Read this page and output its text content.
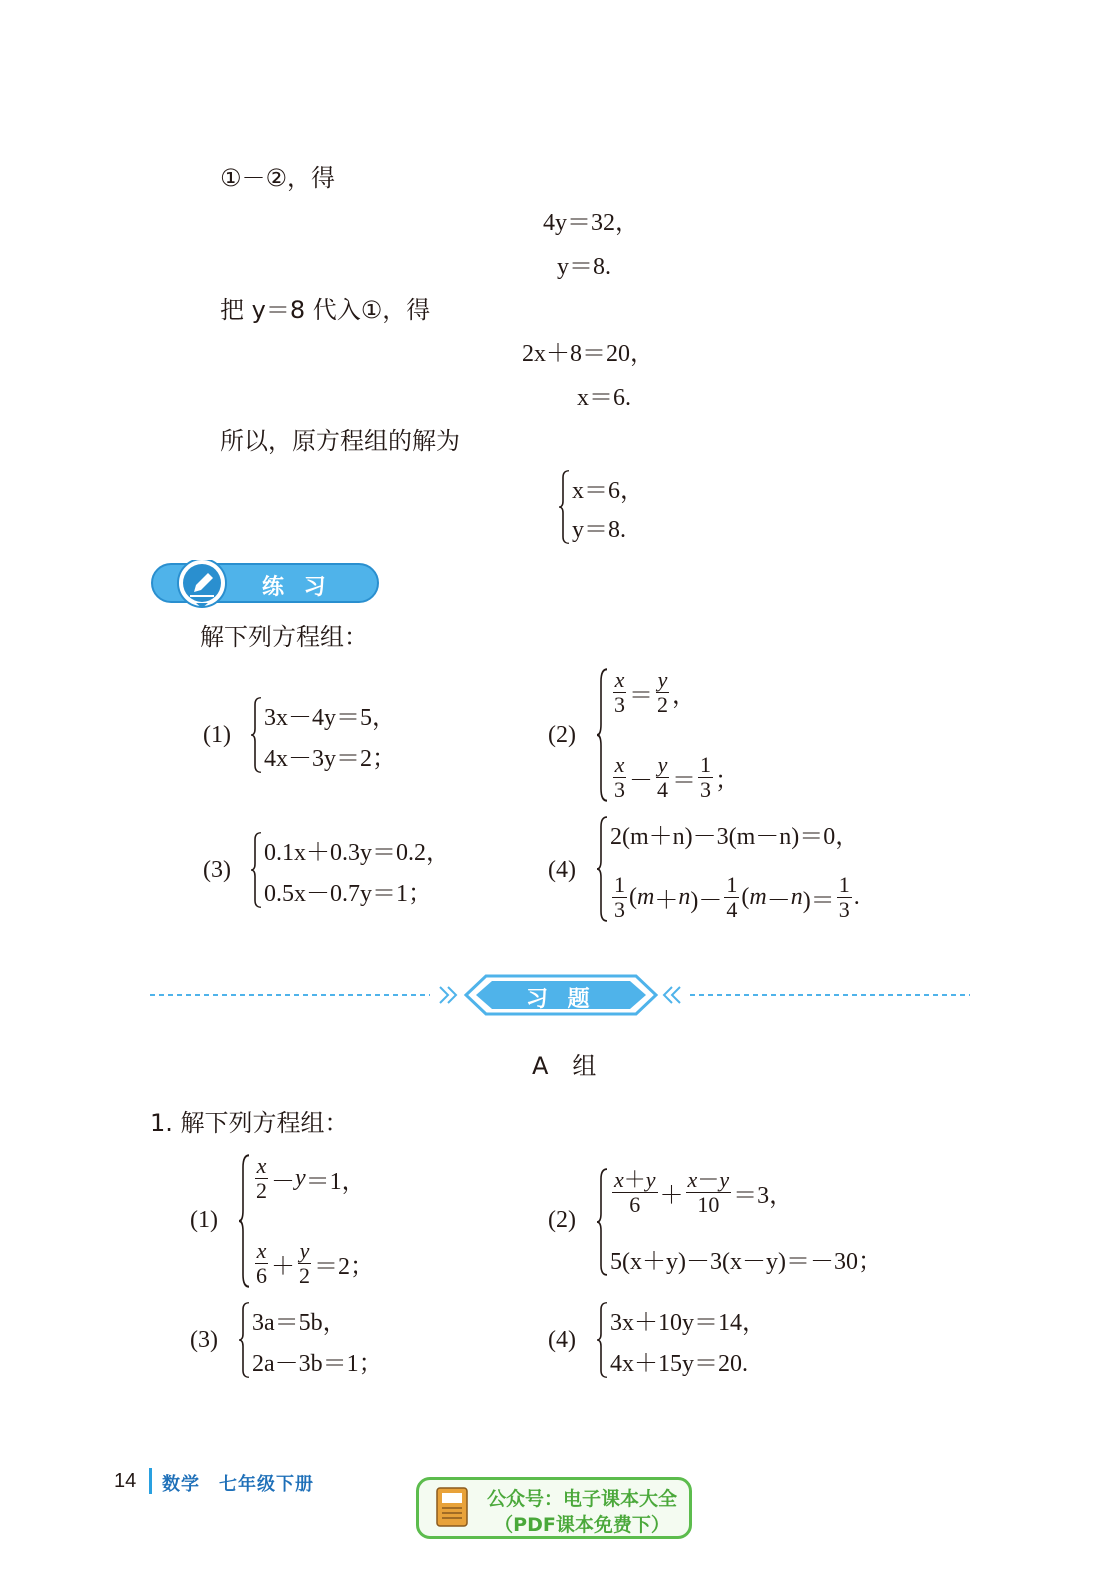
①－②，得
4y＝32，
y＝8.
把 y＝8 代入①，得
2x＋8＝20，
x＝6.
所以，原方程组的解为
x＝6，
y＝8.
练 习
解下列方程组：
(1)
3x－4y＝5，
4x－3y＝2；
(2)
$\frac{x}{3} = \frac{y}{2}$ ，
$\frac{x}{3} - \frac{y}{4} = \frac{1}{3}$ ；
(3)
0.1x＋0.3y＝0.2，
0.5x－0.7y＝1；
(4)
2(m＋n)－3(m－n)＝0，
$\frac{1}{3}$ ( m ＋ n )－ $\frac{1}{4}$ ( m － n )＝ $\frac{1}{3}$ .
习 题
A　组
1. 解下列方程组：
(1)
$\frac{x}{2} - y =1$，
$\frac{x}{6} + \frac{y}{2} =2$；
(2)
$\frac{x+y}{6} + \frac{x-y}{10} =3$，
5(x＋y)－3(x－y)＝－30；
(3)
3a＝5b，
2a－3b＝1；
(4)
3x＋10y＝14，
4x＋15y＝20.
14 数学　七年级下册
公众号：电子课本大全
（PDF课本免费下）
